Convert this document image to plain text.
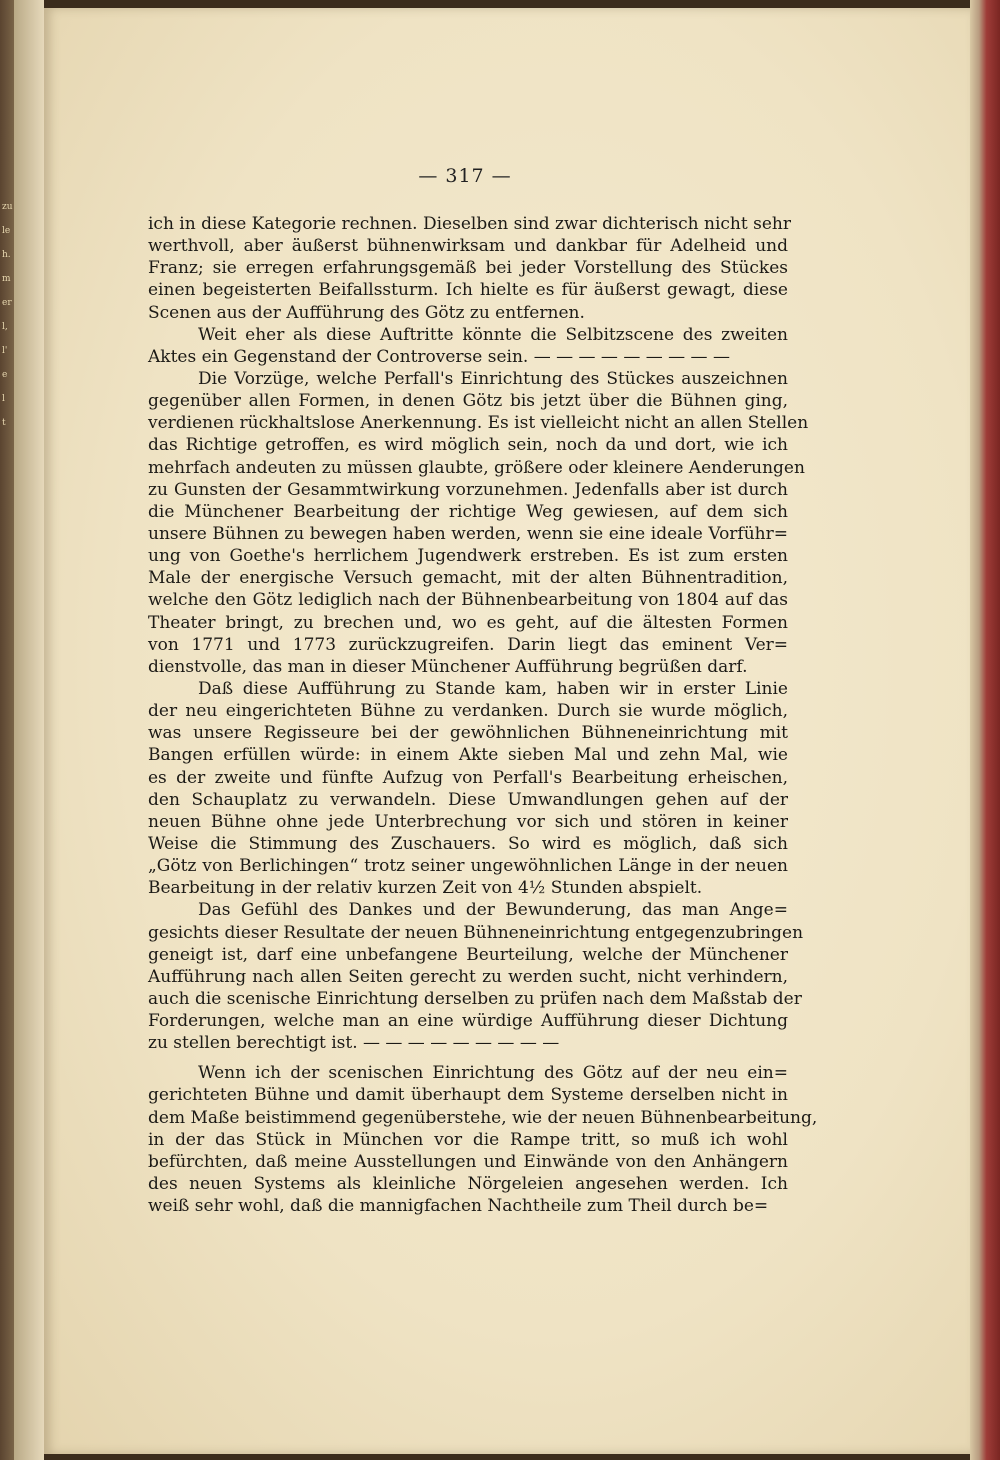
zu
le
h.
m
er
l,
l'
e
l
t
— 317 —
ich in diese Kategorie rechnen. Dieselben sind zwar dichterisch nicht sehr
werthvoll, aber äußerst bühnenwirksam und dankbar für Adelheid und
Franz; sie erregen erfahrungsgemäß bei jeder Vorstellung des Stückes
einen begeisterten Beifallssturm. Ich hielte es für äußerst gewagt, diese
Scenen aus der Aufführung des Götz zu entfernen.
Weit eher als diese Auftritte könnte die Selbitzscene des zweiten
Aktes ein Gegenstand der Controverse sein. — — — — — — — — —
Die Vorzüge, welche Perfall's Einrichtung des Stückes auszeichnen
gegenüber allen Formen, in denen Götz bis jetzt über die Bühnen ging,
verdienen rückhaltslose Anerkennung. Es ist vielleicht nicht an allen Stellen
das Richtige getroffen, es wird möglich sein, noch da und dort, wie ich
mehrfach andeuten zu müssen glaubte, größere oder kleinere Aenderungen
zu Gunsten der Gesammtwirkung vorzunehmen. Jedenfalls aber ist durch
die Münchener Bearbeitung der richtige Weg gewiesen, auf dem sich
unsere Bühnen zu bewegen haben werden, wenn sie eine ideale Vorführ=
ung von Goethe's herrlichem Jugendwerk erstreben. Es ist zum ersten
Male der energische Versuch gemacht, mit der alten Bühnentradition,
welche den Götz lediglich nach der Bühnenbearbeitung von 1804 auf das
Theater bringt, zu brechen und, wo es geht, auf die ältesten Formen
von 1771 und 1773 zurückzugreifen. Darin liegt das eminent Ver=
dienstvolle, das man in dieser Münchener Aufführung begrüßen darf.
Daß diese Aufführung zu Stande kam, haben wir in erster Linie
der neu eingerichteten Bühne zu verdanken. Durch sie wurde möglich,
was unsere Regisseure bei der gewöhnlichen Bühneneinrichtung mit
Bangen erfüllen würde: in einem Akte sieben Mal und zehn Mal, wie
es der zweite und fünfte Aufzug von Perfall's Bearbeitung erheischen,
den Schauplatz zu verwandeln. Diese Umwandlungen gehen auf der
neuen Bühne ohne jede Unterbrechung vor sich und stören in keiner
Weise die Stimmung des Zuschauers. So wird es möglich, daß sich
„Götz von Berlichingen“ trotz seiner ungewöhnlichen Länge in der neuen
Bearbeitung in der relativ kurzen Zeit von 4½ Stunden abspielt.
Das Gefühl des Dankes und der Bewunderung, das man Ange=
gesichts dieser Resultate der neuen Bühneneinrichtung entgegenzubringen
geneigt ist, darf eine unbefangene Beurteilung, welche der Münchener
Aufführung nach allen Seiten gerecht zu werden sucht, nicht verhindern,
auch die scenische Einrichtung derselben zu prüfen nach dem Maßstab der
Forderungen, welche man an eine würdige Aufführung dieser Dichtung
zu stellen berechtigt ist. — — — — — — — — —
Wenn ich der scenischen Einrichtung des Götz auf der neu ein=
gerichteten Bühne und damit überhaupt dem Systeme derselben nicht in
dem Maße beistimmend gegenüberstehe, wie der neuen Bühnenbearbeitung,
in der das Stück in München vor die Rampe tritt, so muß ich wohl
befürchten, daß meine Ausstellungen und Einwände von den Anhängern
des neuen Systems als kleinliche Nörgeleien angesehen werden. Ich
weiß sehr wohl, daß die mannigfachen Nachtheile zum Theil durch be=
